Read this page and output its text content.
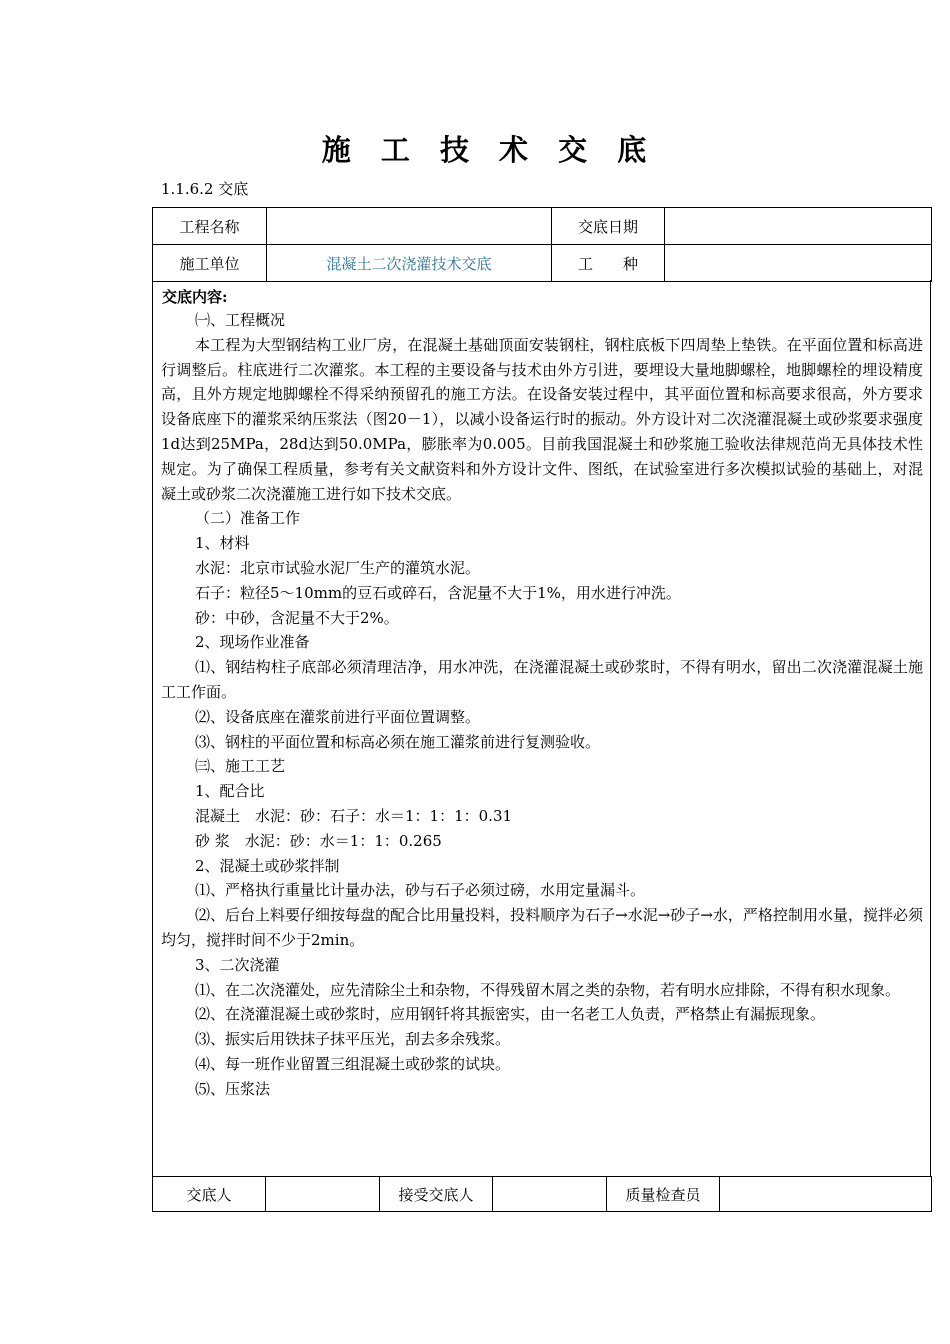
施 工 技 术 交 底
1.1.6.2 交底
工程名称		交底日期	
施工单位	混凝土二次浇灌技术交底	工　　种	
交底内容:

㈠、工程概况

本工程为大型钢结构工业厂房，在混凝土基础顶面安装钢柱，钢柱底板下四周垫上垫铁。在平面位置和标高进行调整后。柱底进行二次灌浆。本工程的主要设备与技术由外方引进，要埋设大量地脚螺栓，地脚螺栓的埋设精度高，且外方规定地脚螺栓不得采纳预留孔的施工方法。在设备安装过程中，其平面位置和标高要求很高，外方要求设备底座下的灌浆采纳压浆法（图20－1），以减小设备运行时的振动。外方设计对二次浇灌混凝土或砂浆要求强度1d达到25MPa，28d达到50.0MPa，膨胀率为0.005。目前我国混凝土和砂浆施工验收法律规范尚无具体技术性规定。为了确保工程质量，参考有关文献资料和外方设计文件、图纸，在试验室进行多次模拟试验的基础上，对混凝土或砂浆二次浇灌施工进行如下技术交底。

（二）准备工作

1、材料

水泥：北京市试验水泥厂生产的灌筑水泥。

石子：粒径5～10mm的豆石或碎石，含泥量不大于1%，用水进行冲洗。

砂：中砂，含泥量不大于2%。

2、现场作业准备

⑴、钢结构柱子底部必须清理洁净，用水冲洗，在浇灌混凝土或砂浆时，不得有明水，留出二次浇灌混凝土施工工作面。

⑵、设备底座在灌浆前进行平面位置调整。

⑶、钢柱的平面位置和标高必须在施工灌浆前进行复测验收。

㈢、施工工艺

1、配合比

混凝土　水泥：砂：石子：水＝1：1：1：0.31

砂 浆　水泥：砂：水＝1：1：0.265

2、混凝土或砂浆拌制

⑴、严格执行重量比计量办法，砂与石子必须过磅，水用定量漏斗。

⑵、后台上料要仔细按每盘的配合比用量投料，投料顺序为石子→水泥→砂子→水，严格控制用水量，搅拌必须均匀，搅拌时间不少于2min。

3、二次浇灌

⑴、在二次浇灌处，应先清除尘土和杂物，不得残留木屑之类的杂物，若有明水应排除，不得有积水现象。

⑵、在浇灌混凝土或砂浆时，应用钢钎将其振密实，由一名老工人负责，严格禁止有漏振现象。

⑶、振实后用铁抹子抹平压光，刮去多余残浆。

⑷、每一班作业留置三组混凝土或砂浆的试块。

⑸、压浆法

交底人		接受交底人		质量检查员	
